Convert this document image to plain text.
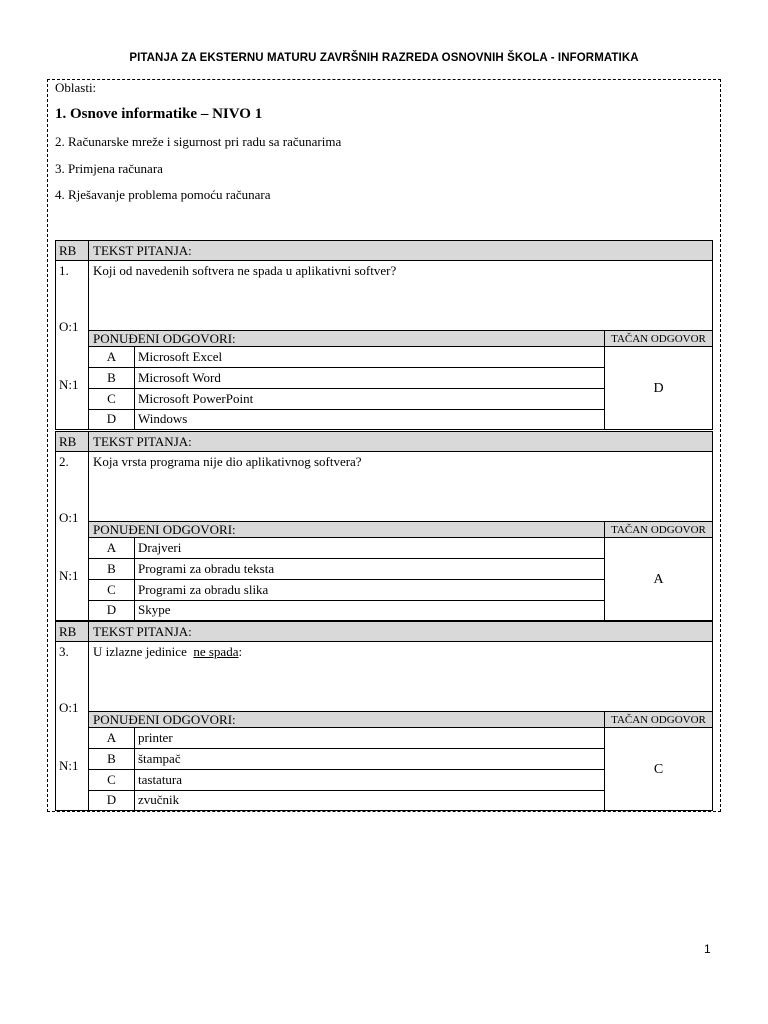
PITANJA ZA EKSTERNU MATURU ZAVRŠNIH RAZREDA OSNOVNIH ŠKOLA - INFORMATIKA
Oblasti:
1. Osnove informatike – NIVO 1
2. Računarske mreže i sigurnost pri radu sa računarima
3. Primjena računara
4. Rješavanje problema pomoću računara
RB	TEKST PITANJA:
1.
O:1
N:1
Koji od navedenih softvera ne spada u aplikativni softver?
PONUĐENI ODGOVORI:	TAČAN ODGOVOR
A	Microsoft Excel
B	Microsoft Word
C	Microsoft PowerPoint
D	Windows
D
RB	TEKST PITANJA:
2.
O:1
N:1
Koja vrsta programa nije dio aplikativnog softvera?
PONUĐENI ODGOVORI:	TAČAN ODGOVOR
A	Drajveri
B	Programi za obradu teksta
C	Programi za obradu slika
D	Skype
A
RB	TEKST PITANJA:
3.
O:1
N:1
U izlazne jedinice  ne spada:
PONUĐENI ODGOVORI:	TAČAN ODGOVOR
A	printer
B	štampač
C	tastatura
D	zvučnik
C
1
